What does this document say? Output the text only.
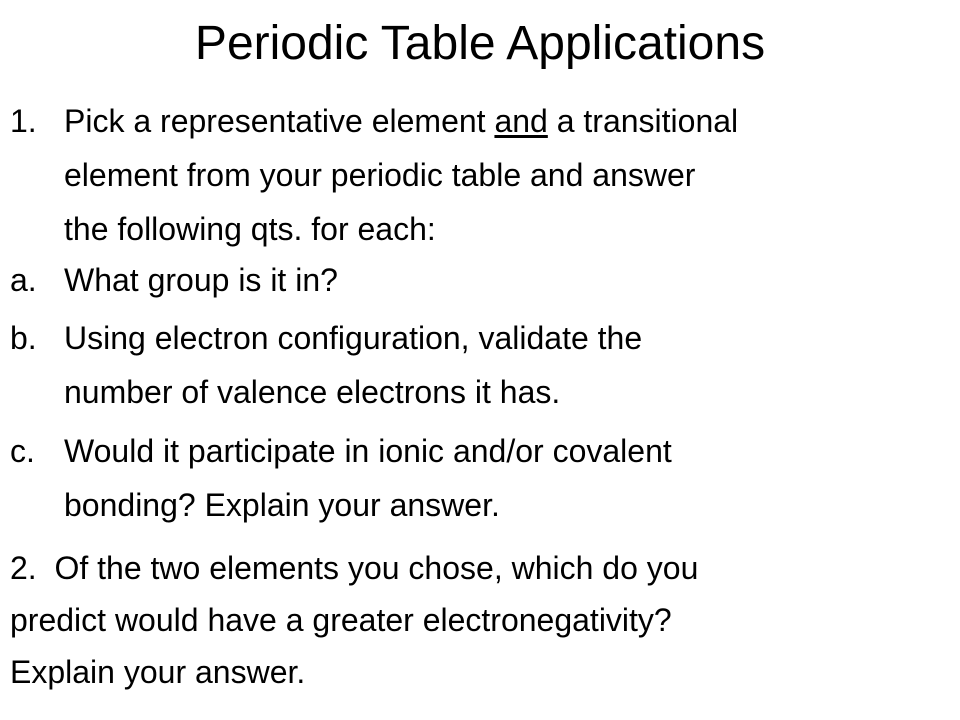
Periodic Table Applications
1. Pick a representative element and a transitional
element from your periodic table and answer
the following qts. for each:
a. What group is it in?
b. Using electron configuration, validate the
number of valence electrons it has.
c. Would it participate in ionic and/or covalent
bonding? Explain your answer.
2.  Of the two elements you chose, which do you
predict would have a greater electronegativity?
Explain your answer.
